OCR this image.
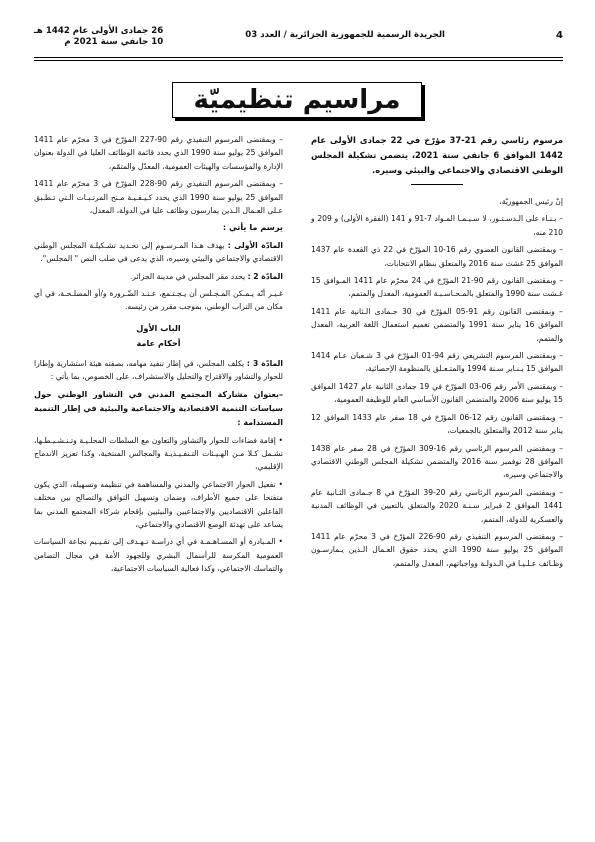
4
الجريدة الرسمية للجمهورية الجزائرية / العدد 03
26 جمادى الأولى عام 1442 هـ
10 جانفي سنة 2021 م
مراسيم تنظيميّة
مرسوم رئاسي رقم 21-37 مؤرّخ في 22 جمادى الأولى عام 1442 الموافق 6 جانفي سنة 2021، يتضمن تشكيلة المجلس الوطني الاقتصادي والاجتماعي والبيئي وسيره.

إنّ رئيس الجمهوريّة،

– بـنـاء على الـدسـتـور، لا سـيـمـا المـواد 7-91 و 141 (الفقرة الأولى) و 209 و 210 منه،

– وبمقتضى القانون العضوي رقم 16-10 المؤرّخ في 22 ذي القعدة عام 1437 الموافق 25 غشت سنة 2016 والمتعلق بنظام الانتخابات،

– وبمقتضى القانون رقم 90-21 المؤرّخ في 24 محرّم عام 1411 المـوافق 15 غـشت سنة 1990 والمتعلق بالمـحـاسـبـة العمومية، المعدل والمتمم،

– وبمقتضى القانون رقم 91-05 المؤرّخ في 30 جـمادى الـثانية عام 1411 الموافق 16 يناير سنة 1991 والمتضمن تعميم استعمال اللغة العربية، المعدل والمتمم،

– وبمقتضى المرسوم التشريعي رقم 94-01 المؤرّخ في 3 شـعبان عـام 1414 الموافق 15 يـنـاير سـنة 1994 والمتـعـلق بالمنظومة الإحصائية،

– وبمقتضى الأمر رقم 06-03 المؤرّخ في 19 جمادى الثانية عام 1427 الموافق 15 يوليو سنة 2006 والمتضمن القانون الأساسي العام للوظيفة العمومية،

– وبمقتضى القانون رقم 12-06 المؤرّخ في 18 صفر عام 1433 الموافق 12 يناير سنة 2012 والمتعلق بالجمعيات،

– وبمقتضى المرسوم الرئاسي رقم 16-309 المؤرّخ في 28 صفر عام 1438 الموافق 28 نوفمبر سنة 2016 والمتضمن تشكيلة المجلس الوطني الاقتصادي والاجتماعي وسيره،

– وبمقتضى المرسوم الرئاسي رقم 20-39 المؤرّخ في 8 جـمادى الثـانية عام 1441 الموافق 2 فبراير سـنـة 2020 والمتعلق بالتعيين في الوظائف المدنية والعسكرية للدولة، المتمم،

– وبمقتضى المرسوم التنفيذي رقم 90-226 المؤرّخ في 3 محرّم عام 1411 الموافق 25 يوليو سنة 1990 الذي يحدد حقوق العـمال الـذين يـمارسـون وظـائف عـلـيـا في الـدولـة وواجباتهم، المعدل والمتمم،

– وبمقتضى المرسوم التنفيذي رقم 90-227 المؤرّخ في 3 محرّم عام 1411 الموافق 25 يوليو سنة 1990 الذي يحدد قائمة الوظائف العليا في الدولة بعنوان الإدارة والمؤسسات والهيئات العمومية، المعدّل والمتمّم،

– وبمقتضى المرسوم التنفيذي رقم 90-228 المؤرّخ في 3 محرّم عام 1411 الموافق 25 يوليو سنة 1990 الذي يحدد كـيـفـيـة مـنح المرتـبـات الـتي تـطـبق عـلى العـمال الـذين يمارسون وظائف عليا في الدولة، المعدل،

يرسم ما يأتي :

المادّة الأولى : يهدف هـذا المـرسـوم إلى تحـديد تشـكيلـة المجلس الوطني الاقتصادي والاجتماعي والبيئي وسيره، الذي يدعى في صلب النص " المجلس".

المادّة 2 : يحدد مقر المجلس في مدينة الجزائر.

غـيـر أنّه يـمـكن المـجـلس أن يـجـتـمع، عـنـد الضّـرورة و/أو المصلـحـة، في أي مكان من التراب الوطني، بموجب مقرر من رئيسه.

الباب الأول
أحكام عامة

المادّة 3 : يكلف المجلس، في إطار تنفيذ مهامه، بصفته هيئة استشارية وإطارا للحوار والتشاور والاقتراح والتحليل والاستشراف، على الخصوص، بما يأتي :

–بعنوان مشاركة المجتمع المدني في التشاور الوطني حول سياسات التنمية الاقتصادية والاجتماعية والبيئية في إطار التنمية المستدامة :

• إقامة فضاءات للحوار والتشاور والتعاون مع السلطات المحلـيـة وتـنـشـيـطـها، تشـمل كـلا مـن الهـيـئات التـنفـيـذيـة والمجالس المنتخبة، وكذا تعزيز الاندماج الإقليمي،

• تفعيل الحوار الاجتماعي والمدني والمساهمة في تنظيمه وتسهيله، الذي يكون متفتحا على جميع الأطراف، وضمان وتسهيل التوافق والتصالح بين مختلف الفاعلين الاقتصاديين والاجتماعيين والبيئيين بإقحام شركاء المجتمع المدني بما يساعد على تهدئة الوضع الاقتصادي والاجتماعي،

• المـبادرة أو المسـاهـمـة في أي دراسـة تـهـدف إلى تقـيـيم نجاعة السياسات العمومية المكرسة للرأسمال البشري وللجهود الأمة في مجال التضامن والتماسك الاجتماعي، وكذا فعالية السياسات الاجتماعية،
